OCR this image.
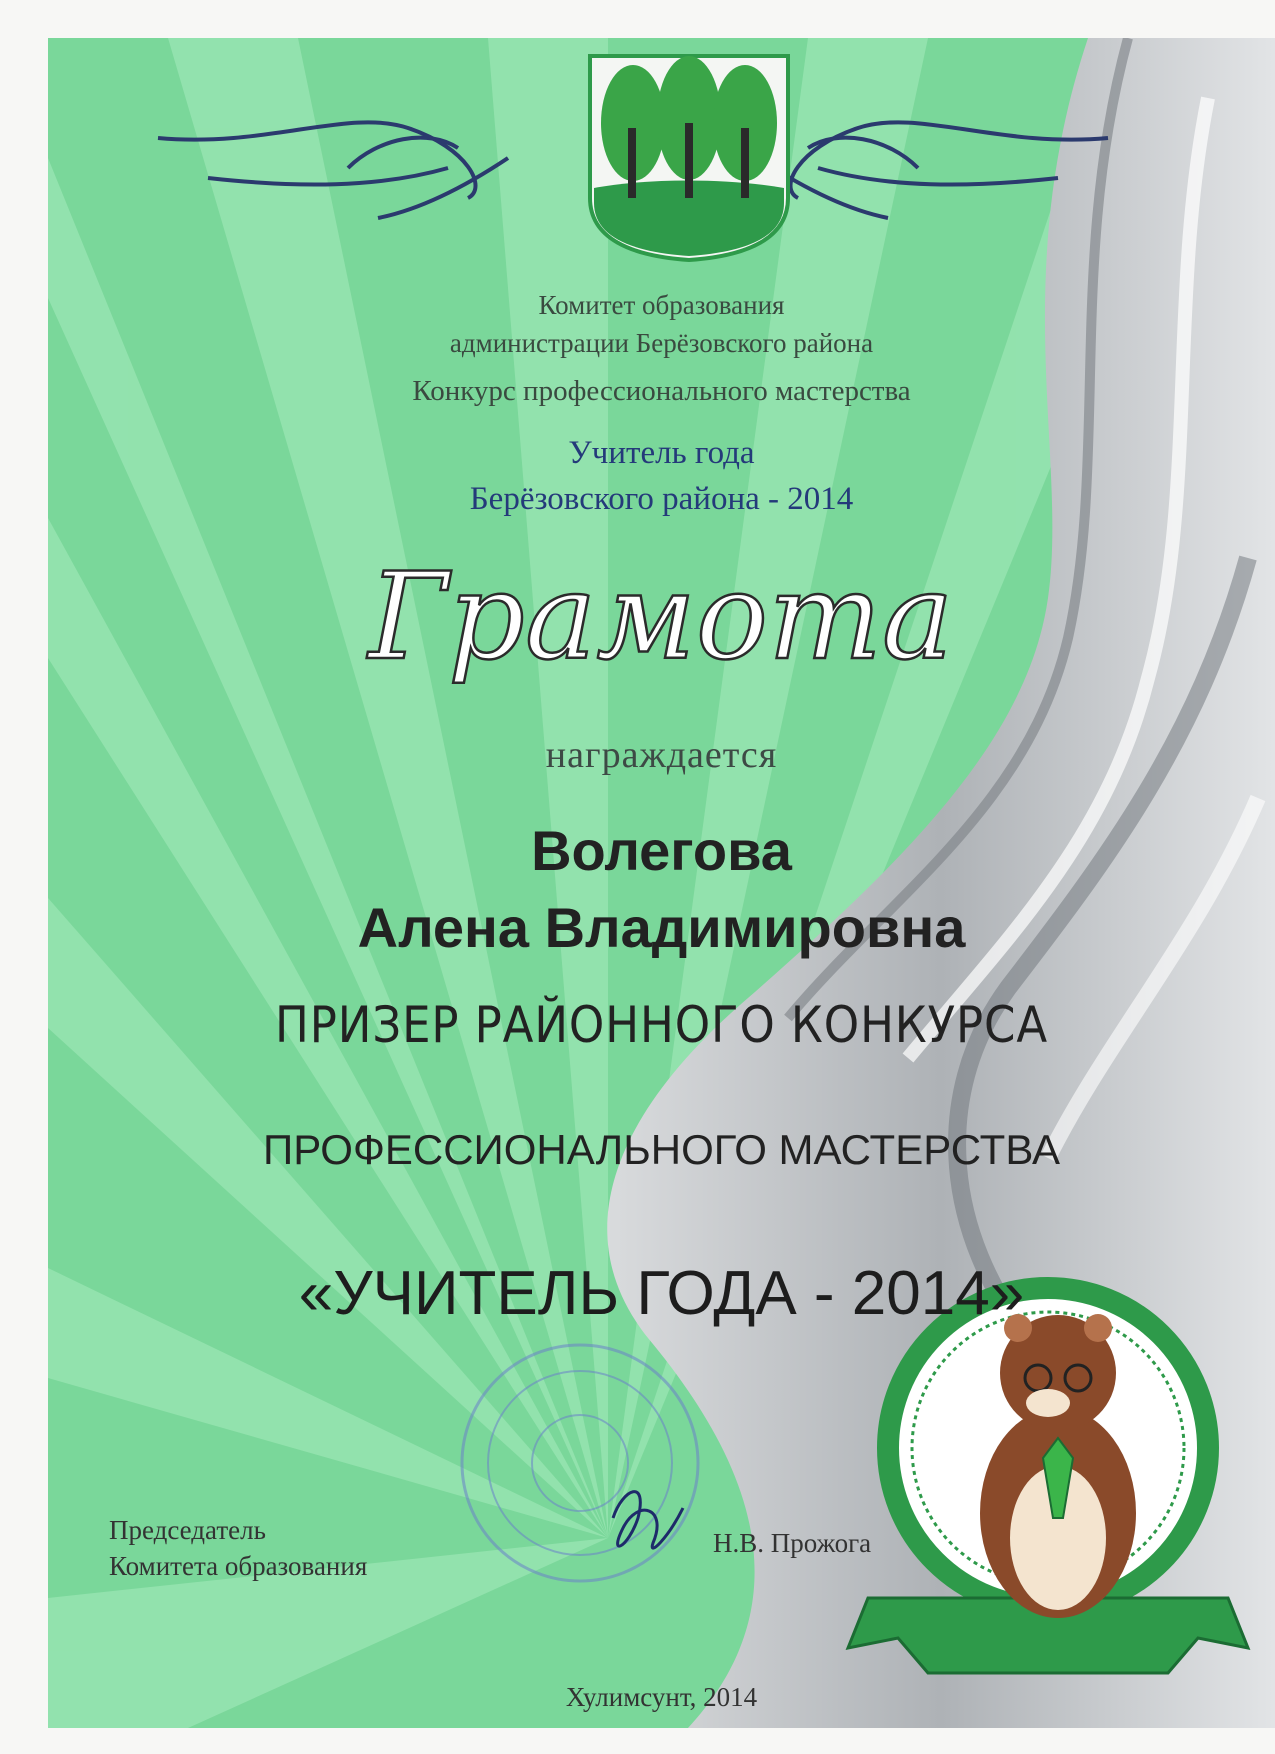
Комитет образования
администрации Берёзовского района
Конкурс профессионального мастерства
Учитель года
Берёзовского района - 2014
Грамота
награждается
Волегова
Алена Владимировна
ПРИЗЕР РАЙОННОГО КОНКУРСА
ПРОФЕССИОНАЛЬНОГО МАСТЕРСТВА
«УЧИТЕЛЬ ГОДА - 2014»
Председатель
Комитета образования
Н.В. Прожога
Хулимсунт, 2014
